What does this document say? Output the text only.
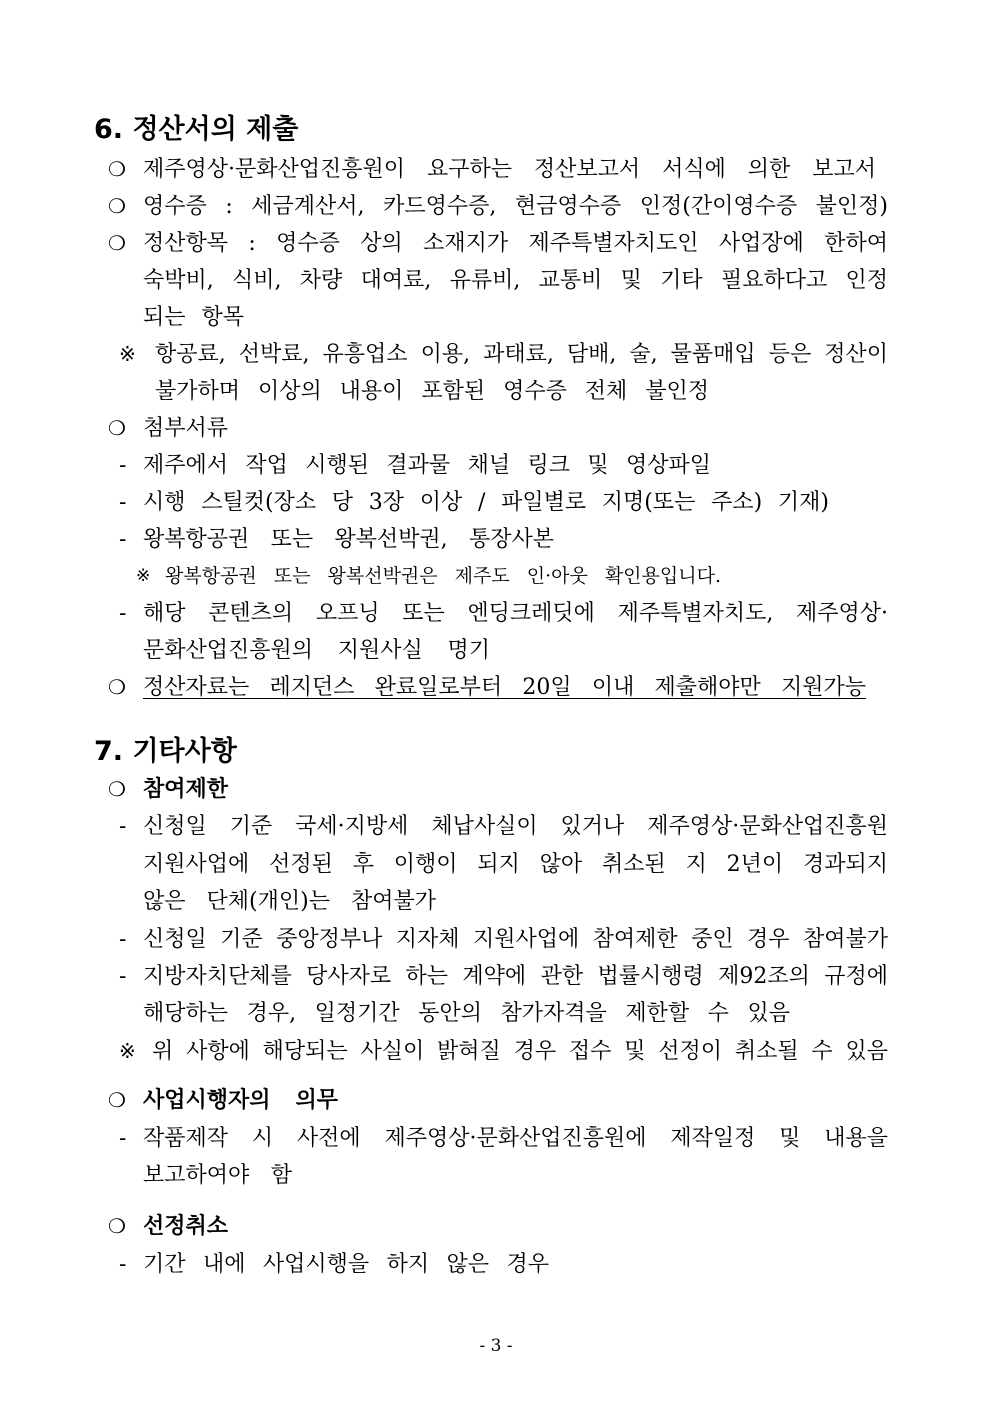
6. 정산서의 제출
❍ 제주영상·문화산업진흥원이 요구하는 정산보고서 서식에 의한 보고서
❍ 영수증 : 세금계산서, 카드영수증, 현금영수증 인정(간이영수증 불인정)
❍ 정산항목 : 영수증 상의 소재지가 제주특별자치도인 사업장에 한하여
숙박비, 식비, 차량 대여료, 유류비, 교통비 및 기타 필요하다고 인정
되는 항목
※ 항공료, 선박료, 유흥업소 이용, 과태료, 담배, 술, 물품매입 등은 정산이
불가하며 이상의 내용이 포함된 영수증 전체 불인정
❍ 첨부서류
- 제주에서 작업 시행된 결과물 채널 링크 및 영상파일
- 시행 스틸컷(장소 당 3장 이상 / 파일별로 지명(또는 주소) 기재)
- 왕복항공권 또는 왕복선박권, 통장사본
※ 왕복항공권 또는 왕복선박권은 제주도 인·아웃 확인용입니다.
- 해당 콘텐츠의 오프닝 또는 엔딩크레딧에 제주특별자치도, 제주영상·
문화산업진흥원의 지원사실 명기
❍ 정산자료는 레지던스 완료일로부터 20일 이내 제출해야만 지원가능
7. 기타사항
❍ 참여제한
- 신청일 기준 국세·지방세 체납사실이 있거나 제주영상·문화산업진흥원
지원사업에 선정된 후 이행이 되지 않아 취소된 지 2년이 경과되지
않은 단체(개인)는 참여불가
- 신청일 기준 중앙정부나 지자체 지원사업에 참여제한 중인 경우 참여불가
- 지방자치단체를 당사자로 하는 계약에 관한 법률시행령 제92조의 규정에
해당하는 경우, 일정기간 동안의 참가자격을 제한할 수 있음
※ 위 사항에 해당되는 사실이 밝혀질 경우 접수 및 선정이 취소될 수 있음
❍ 사업시행자의 의무
- 작품제작 시 사전에 제주영상·문화산업진흥원에 제작일정 및 내용을
보고하여야 함
❍ 선정취소
- 기간 내에 사업시행을 하지 않은 경우
- 3 -
